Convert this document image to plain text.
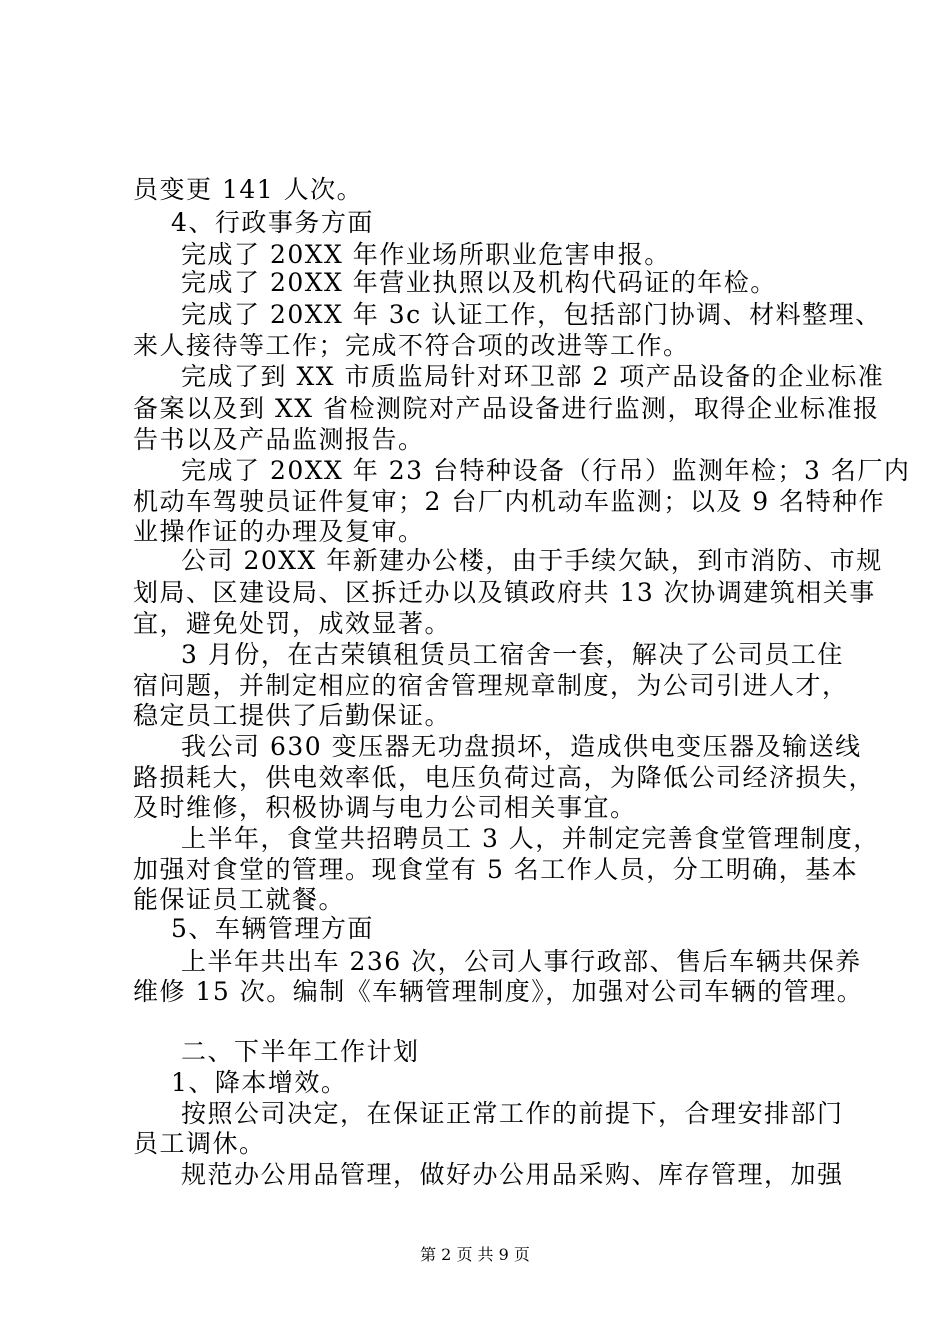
员变更 141 人次。

4、行政事务方面

完成了 20XX 年作业场所职业危害申报。

完成了 20XX 年营业执照以及机构代码证的年检。

完成了 20XX 年 3c 认证工作，包括部门协调、材料整理、

来人接待等工作；完成不符合项的改进等工作。

完成了到 XX 市质监局针对环卫部 2 项产品设备的企业标准

备案以及到 XX 省检测院对产品设备进行监测，取得企业标准报

告书以及产品监测报告。

完成了 20XX 年 23 台特种设备（行吊）监测年检；3 名厂内

机动车驾驶员证件复审；2 台厂内机动车监测；以及 9 名特种作

业操作证的办理及复审。

公司 20XX 年新建办公楼，由于手续欠缺，到市消防、市规

划局、区建设局、区拆迁办以及镇政府共 13 次协调建筑相关事

宜，避免处罚，成效显著。

3 月份，在古荣镇租赁员工宿舍一套，解决了公司员工住

宿问题，并制定相应的宿舍管理规章制度，为公司引进人才，

稳定员工提供了后勤保证。

我公司 630 变压器无功盘损坏，造成供电变压器及输送线

路损耗大，供电效率低，电压负荷过高，为降低公司经济损失，

及时维修，积极协调与电力公司相关事宜。

上半年，食堂共招聘员工 3 人，并制定完善食堂管理制度，

加强对食堂的管理。现食堂有 5 名工作人员，分工明确，基本

能保证员工就餐。

5、车辆管理方面

上半年共出车 236 次，公司人事行政部、售后车辆共保养

维修 15 次。编制《车辆管理制度》，加强对公司车辆的管理。

二、下半年工作计划

1、降本增效。

按照公司决定，在保证正常工作的前提下，合理安排部门

员工调休。

规范办公用品管理，做好办公用品采购、库存管理，加强

第 2 页 共 9 页
